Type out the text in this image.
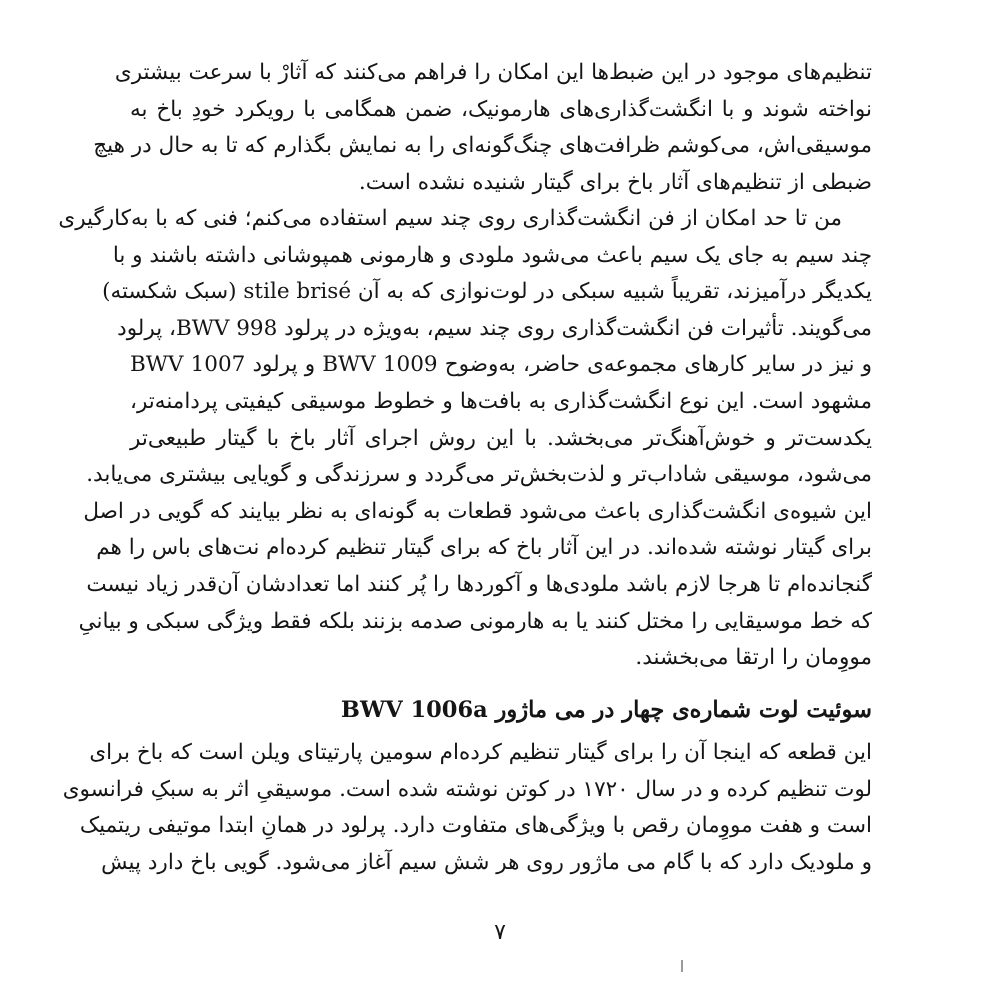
تنظیم‌های موجود در این ضبط‌ها این امکان را فراهم می‌کنند که آثارْ با سرعت بیشتری
نواخته شوند و با انگشت‌گذاری‌های هارمونیک، ضمن همگامی با رویکرد خودِ باخ به
موسیقی‌اش، می‌کوشم ظرافت‌های چنگ‌گونه‌ای را به نمایش بگذارم که تا به حال در هیچ
ضبطی از تنظیم‌های آثار باخ برای گیتار شنیده نشده است.
من تا حد امکان از فن انگشت‌گذاری روی چند سیم استفاده می‌کنم؛ فنی که با به‌کارگیری
چند سیم به جای یک سیم باعث می‌شود ملودی و هارمونی همپوشانی داشته باشند و با
یکدیگر درآمیزند، تقریباً شبیه سبکی در لوت‌نوازی که به آن stile brisé (سبک شکسته)
می‌گویند. تأثیرات فن انگشت‌گذاری روی چند سیم، به‌ویژه در پرلود BWV 998، پرلود
BWV 1007 و پرلود BWV 1009 و نیز در سایر کارهای مجموعه‌ی حاضر، به‌وضوح
مشهود است. این نوع انگشت‌گذاری به بافت‌ها و خطوط موسیقی کیفیتی پردامنه‌تر،
یکدست‌تر و خوش‌آهنگ‌تر می‌بخشد. با این روش اجرای آثار باخ با گیتار طبیعی‌تر
می‌شود، موسیقی شاداب‌تر و لذت‌بخش‌تر می‌گردد و سرزندگی و گویایی بیشتری می‌یابد.
این شیوه‌ی انگشت‌گذاری باعث می‌شود قطعات به گونه‌ای به نظر بیایند که گویی در اصل
برای گیتار نوشته شده‌اند. در این آثار باخ که برای گیتار تنظیم کرده‌ام نت‌های باس را هم
گنجانده‌ام تا هرجا لازم باشد ملودی‌ها و آکوردها را پُر کنند اما تعدادشان آن‌قدر زیاد نیست
که خط موسیقایی را مختل کنند یا به هارمونی صدمه بزنند بلکه فقط ویژگی سبکی و بیانیِ
مووِمان را ارتقا می‌بخشند.
سوئیت لوت شماره‌ی چهار در می ماژور BWV 1006a
این قطعه که اینجا آن را برای گیتار تنظیم کرده‌ام سومین پارتیتای ویلن است که باخ برای
لوت تنظیم کرده و در سال ۱۷۲۰ در کوتن نوشته شده است. موسیقیِ اثر به سبکِ فرانسوی
است و هفت مووِمان رقص با ویژگی‌های متفاوت دارد. پرلود در همانِ ابتدا موتیفی ریتمیک
و ملودیک دارد که با گام می ماژور روی هر شش سیم آغاز می‌شود. گویی باخ دارد پیش
۷
